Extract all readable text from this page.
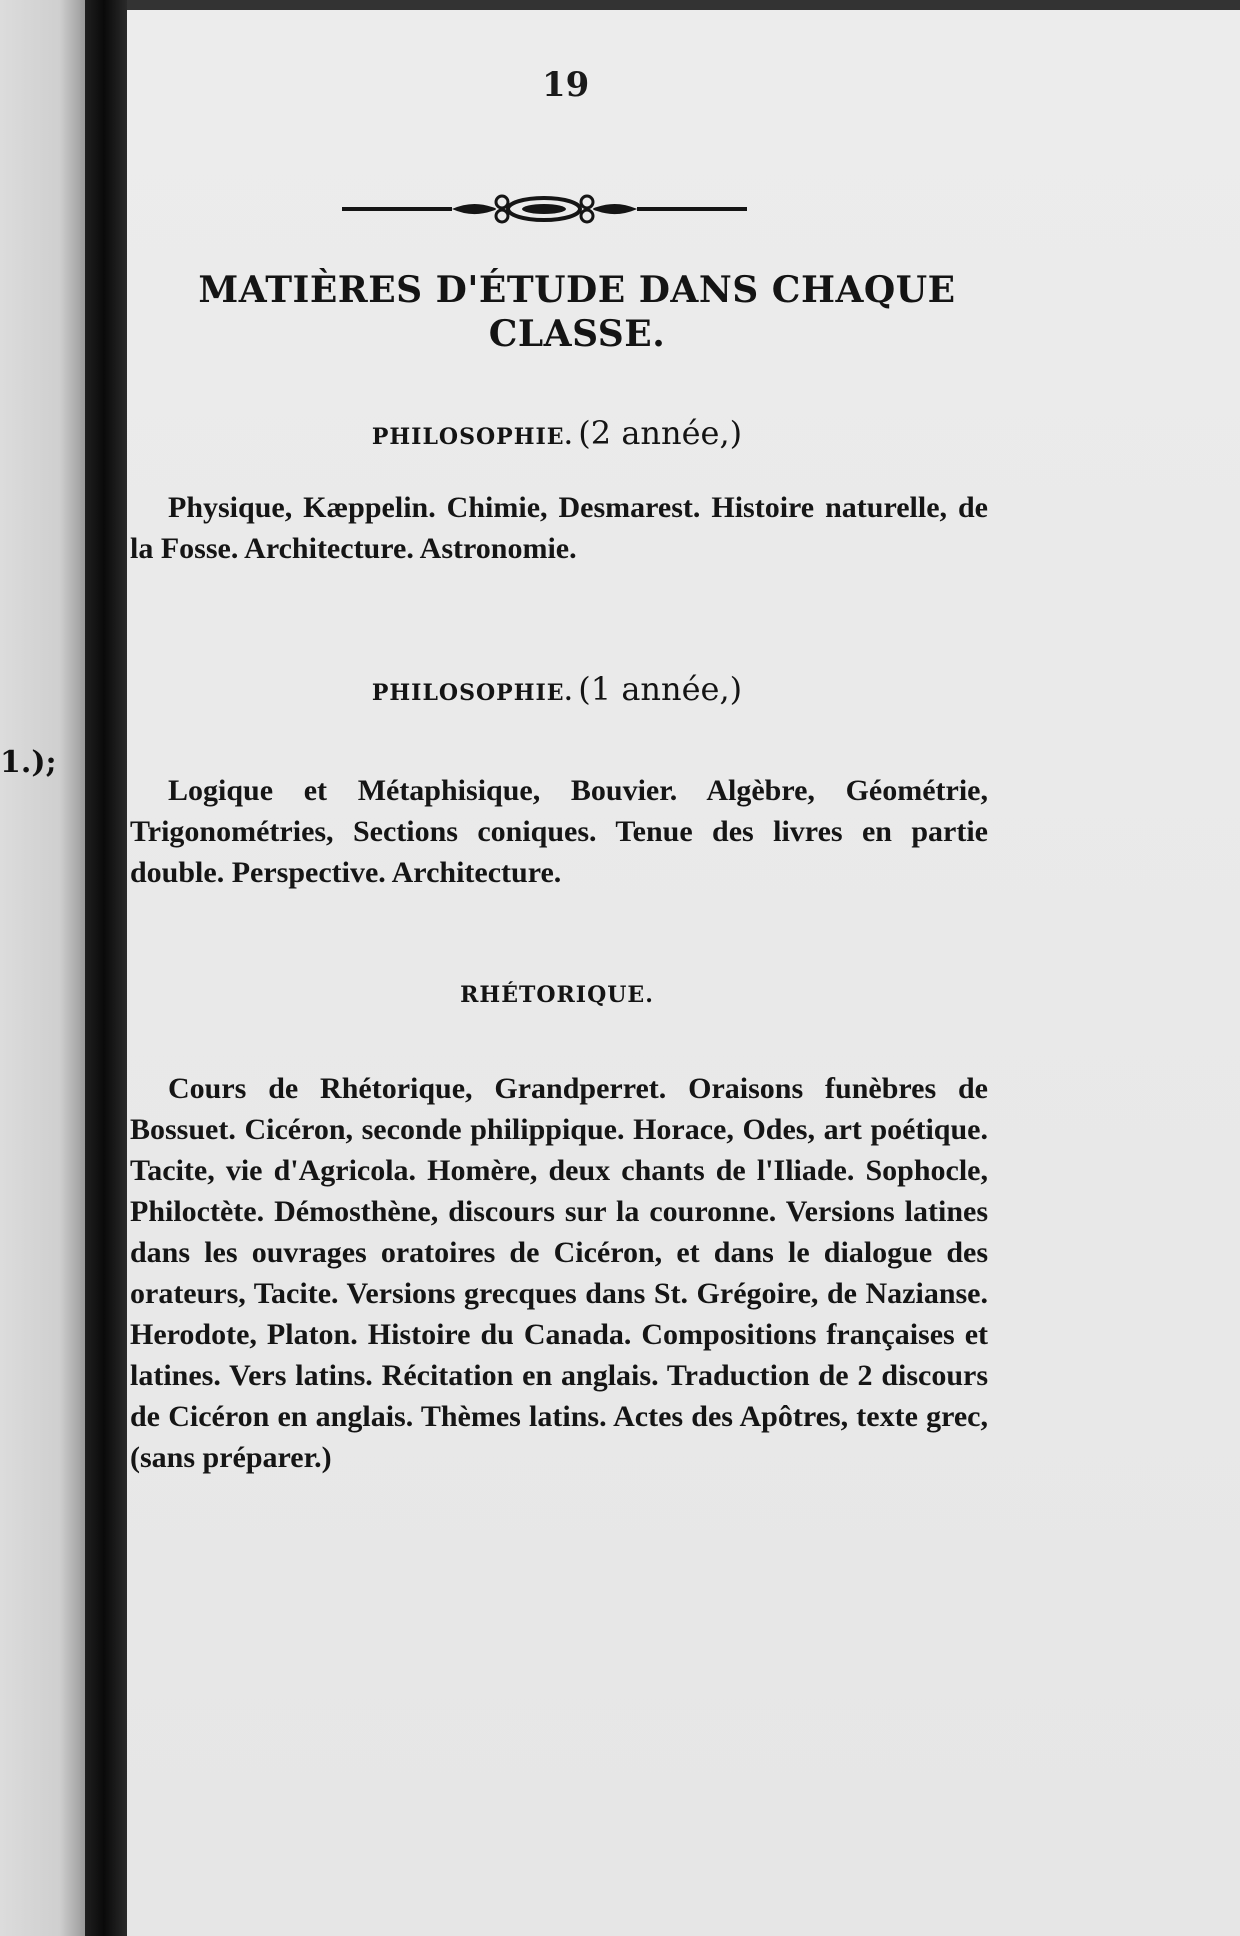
1.);
19
MATIÈRES D'ÉTUDE DANS CHAQUE
CLASSE.
PHILOSOPHIE. (2 année,)

Physique, Kæppelin. Chimie, Desmarest. Histoire naturelle, de la Fosse. Architecture. Astronomie.

PHILOSOPHIE. (1 année,)

Logique et Métaphisique, Bouvier. Algèbre, Géométrie, Trigonométries, Sections coniques. Tenue des livres en partie double. Perspective. Architecture.

RHÉTORIQUE.

Cours de Rhétorique, Grandperret. Oraisons funèbres de Bossuet. Cicéron, seconde philippique. Horace, Odes, art poétique. Tacite, vie d'Agricola. Homère, deux chants de l'Iliade. Sophocle, Philoctète. Démosthène, discours sur la couronne. Versions latines dans les ouvrages oratoires de Cicéron, et dans le dialogue des orateurs, Tacite. Versions grecques dans St. Grégoire, de Nazianse. Herodote, Platon. Histoire du Canada. Compositions françaises et latines. Vers latins. Récitation en anglais. Traduction de 2 discours de Cicéron en anglais. Thèmes latins. Actes des Apôtres, texte grec, (sans préparer.)
